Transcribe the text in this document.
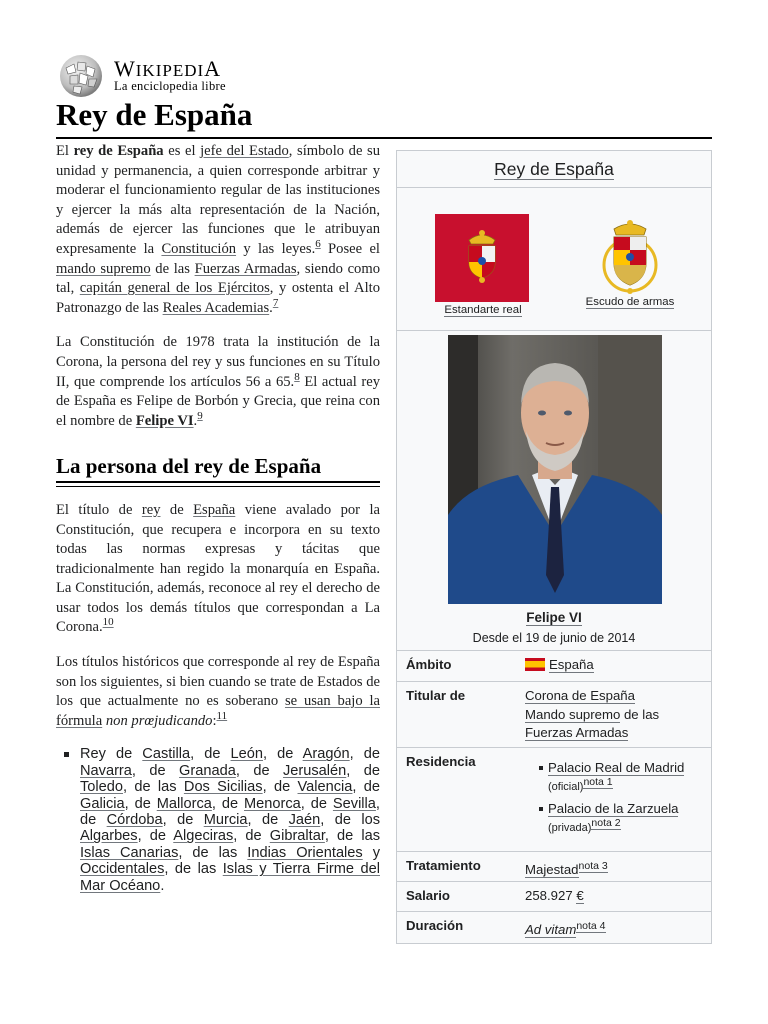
WIKIPEDIA
La enciclopedia libre
Rey de España

El rey de España es el jefe del Estado, símbolo de su unidad y permanencia, a quien corresponde arbitrar y moderar el funcionamiento regular de las instituciones y ejercer la más alta representación de la Nación, además de ejercer las funciones que le atribuyan expresamente la Constitución y las leyes.$^6$ Posee el mando supremo de las Fuerzas Armadas, siendo como tal, capitán general de los Ejércitos, y ostenta el Alto Patronazgo de las Reales Academias.$^7$

La Constitución de 1978 trata la institución de la Corona, la persona del rey y sus funciones en su Título II, que comprende los artículos 56 a 65.$^8$ El actual rey de España es Felipe de Borbón y Grecia, que reina con el nombre de Felipe VI.$^9$

La persona del rey de España

El título de rey de España viene avalado por la Constitución, que recupera e incorpora en su texto todas las normas expresas y tácitas que tradicionalmente han regido la monarquía en España. La Constitución, además, reconoce al rey el derecho de usar todos los demás títulos que correspondan a La Corona.$^{10}$

Los títulos históricos que corresponde al rey de España son los siguientes, si bien cuando se trate de Estados de los que actualmente no es soberano se usan bajo la fórmula non prœjudicando:$^{11}$

Rey de Castilla, de León, de Aragón, de Navarra, de Granada, de Jerusalén, de Toledo, de las Dos Sicilias, de Valencia, de Galicia, de Mallorca, de Menorca, de Sevilla, de Córdoba, de Murcia, de Jaén, de los Algarbes, de Algeciras, de Gibraltar, de las Islas Canarias, de las Indias Orientales y Occidentales, de las Islas y Tierra Firme del Mar Océano.
Rey de España
Estandarte real
Escudo de armas
Felipe VI
Desde el 19 de junio de 2014
Ámbito	España
Titular de	Corona de España
Mando supremo de las
Fuerzas Armadas
Residencia	Palacio Real de Madrid
(oficial)$^{nota 1}$
Palacio de la Zarzuela
(privada)$^{nota 2}$
Tratamiento	Majestad$^{nota 3}$
Salario	258.927 €
Duración	Ad vitam$^{nota 4}$
